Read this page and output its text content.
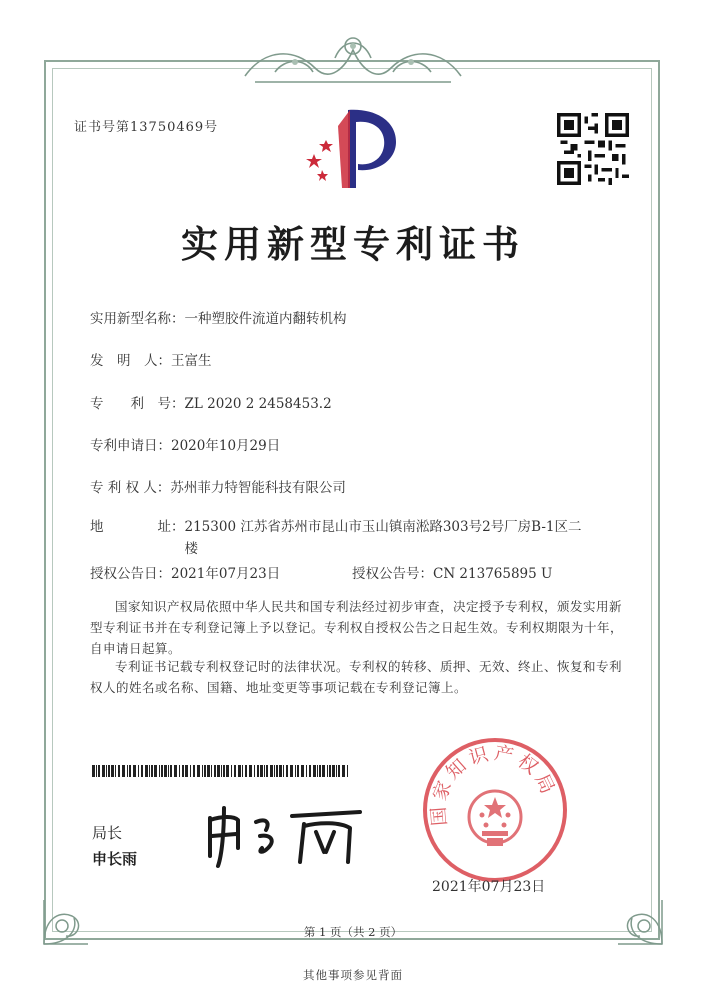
证书号第13750469号
实用新型专利证书
实用新型名称：一种塑胶件流道内翻转机构
发　明　人：王富生
专　　利　号：ZL 2020 2 2458453.2
专利申请日：2020年10月29日
专 利 权 人：苏州菲力特智能科技有限公司
地　　　　址：215300 江苏省苏州市昆山市玉山镇南淞路303号2号厂房B-1区二楼
授权公告日：2021年07月23日	授权公告号：CN 213765895 U
国家知识产权局依照中华人民共和国专利法经过初步审查，决定授予专利权，颁发实用新型专利证书并在专利登记簿上予以登记。专利权自授权公告之日起生效。专利权期限为十年，自申请日起算。
专利证书记载专利权登记时的法律状况。专利权的转移、质押、无效、终止、恢复和专利权人的姓名或名称、国籍、地址变更等事项记载在专利登记簿上。
局长
申长雨
国家知识产权局
2021年07月23日
第 1 页（共 2 页）
其他事项参见背面
